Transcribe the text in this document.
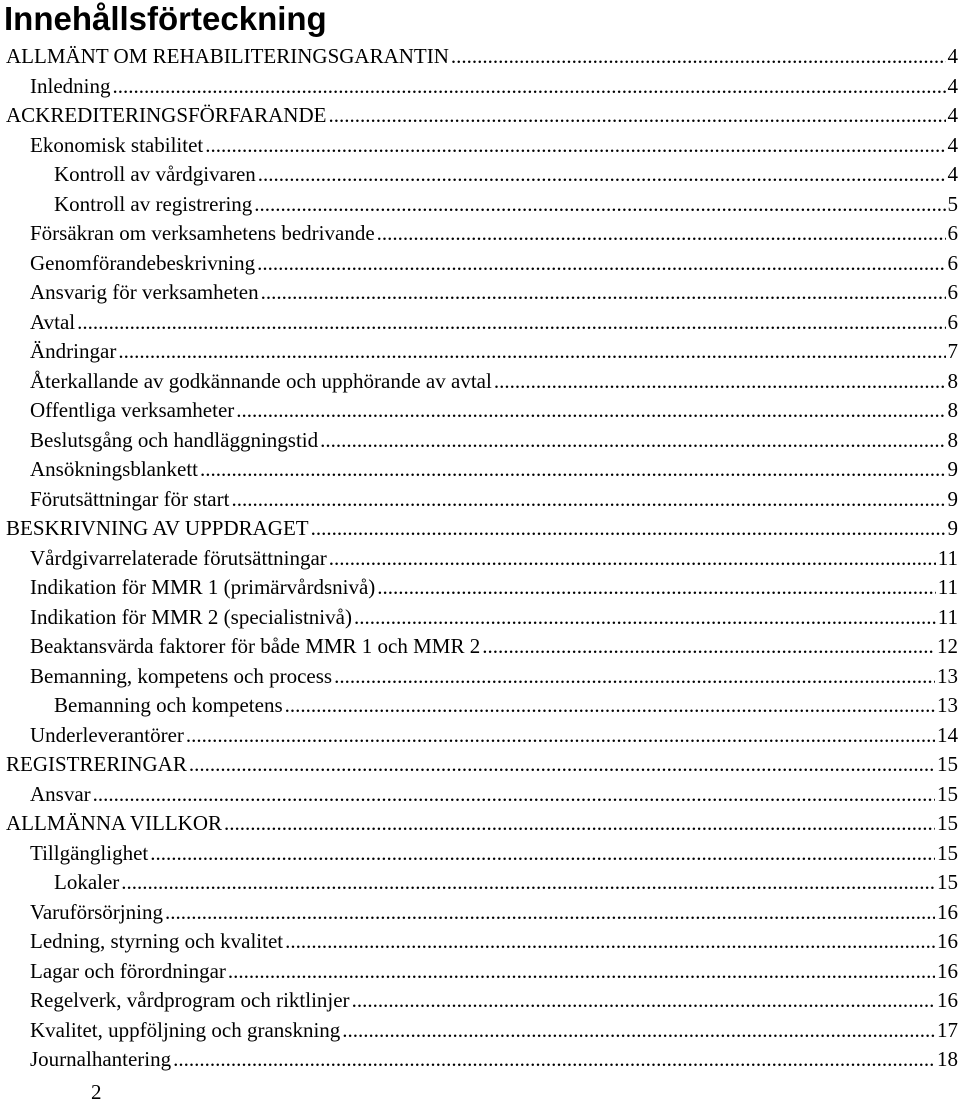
Innehållsförteckning
ALLMÄNT OM REHABILITERINGSGARANTIN .....	4
Inledning .....	4
ACKREDITERINGSFÖRFARANDE .....	4
Ekonomisk stabilitet .....	4
Kontroll av vårdgivaren .....	4
Kontroll av registrering .....	5
Försäkran om verksamhetens bedrivande .....	6
Genomförandebeskrivning .....	6
Ansvarig för verksamheten .....	6
Avtal .....	6
Ändringar .....	7
Återkallande av godkännande och upphörande av avtal .....	8
Offentliga verksamheter .....	8
Beslutsgång och handläggningstid .....	8
Ansökningsblankett .....	9
Förutsättningar för start .....	9
BESKRIVNING AV UPPDRAGET .....	9
Vårdgivarrelaterade förutsättningar .....	11
Indikation för MMR 1 (primärvårdsnivå) .....	11
Indikation för MMR 2 (specialistnivå) .....	11
Beaktansvärda faktorer för både MMR 1 och MMR 2 .....	12
Bemanning, kompetens och process .....	13
Bemanning och kompetens .....	13
Underleverantörer .....	14
REGISTRERINGAR .....	15
Ansvar .....	15
ALLMÄNNA VILLKOR .....	15
Tillgänglighet .....	15
Lokaler .....	15
Varuförsörjning .....	16
Ledning, styrning och kvalitet .....	16
Lagar och förordningar .....	16
Regelverk, vårdprogram och riktlinjer .....	16
Kvalitet, uppföljning och granskning .....	17
Journalhantering .....	18
2
